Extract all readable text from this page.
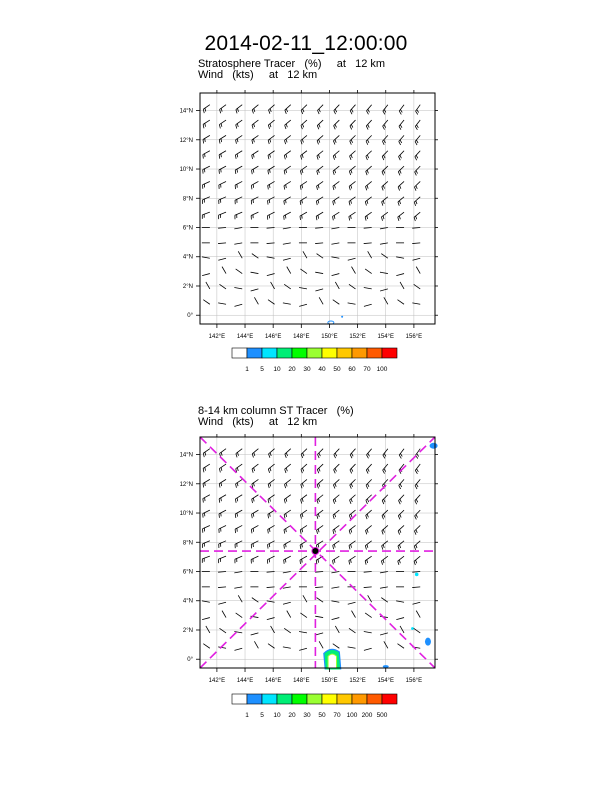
2014-02-11_12:00:00
Stratosphere Tracer   (%)     at   12 km
Wind   (kts)     at   12 km
142°E 144°E 146°E 148°E 150°E 152°E 154°E 156°E
14°N
12°N
10°N
8°N
6°N
4°N
2°N
0°
1 5 10 20 30 40 50 60 70 100
8-14 km column ST Tracer   (%)
Wind   (kts)     at   12 km
142°E 144°E 146°E 148°E 150°E 152°E 154°E 156°E
14°N
12°N
10°N
8°N
6°N
4°N
2°N
0°
1 5 10 20 30 50 70 100 200 500
